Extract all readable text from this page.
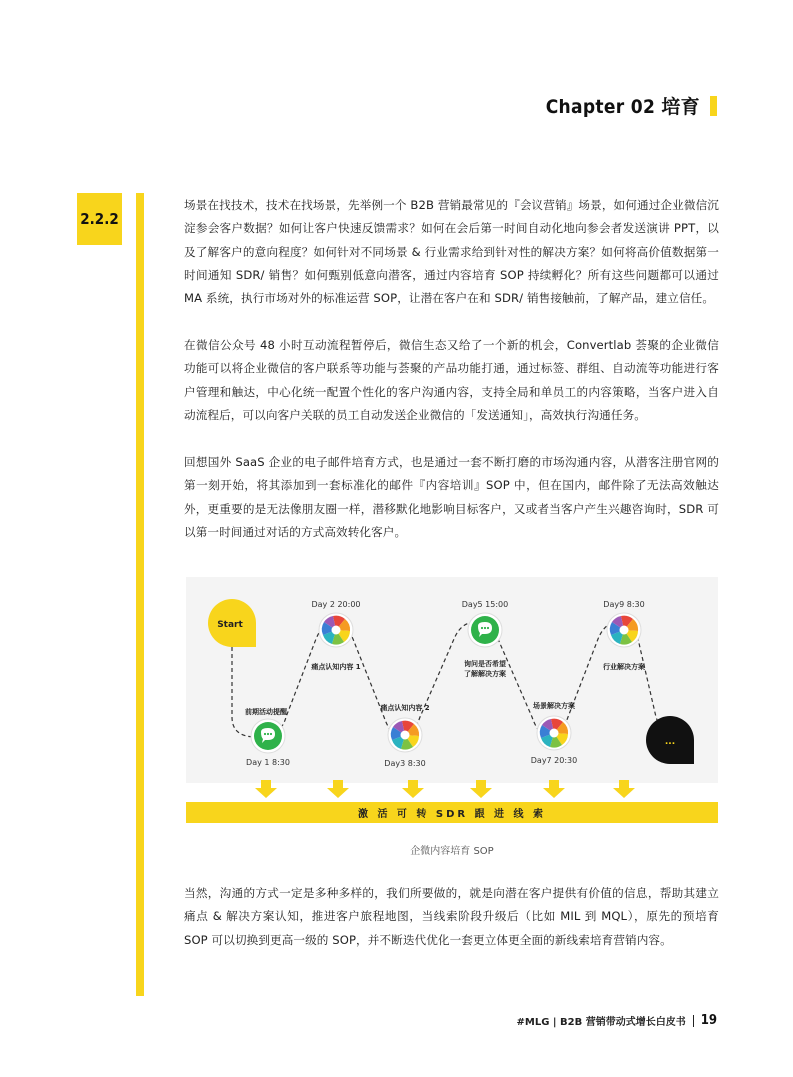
Chapter 02 培育
2.2.2

场景在找技术，技术在找场景，先举例一个 B2B 营销最常见的『会议营销』场景，如何通过企业微信沉淀参会客户数据？如何让客户快速反馈需求？如何在会后第一时间自动化地向参会者发送演讲 PPT，以及了解客户的意向程度？如何针对不同场景 & 行业需求给到针对性的解决方案？如何将高价值数据第一时间通知 SDR/ 销售？如何甄别低意向潜客，通过内容培育 SOP 持续孵化？所有这些问题都可以通过 MA 系统，执行市场对外的标准运营 SOP，让潜在客户在和 SDR/ 销售接触前，了解产品，建立信任。

在微信公众号 48 小时互动流程暂停后，微信生态又给了一个新的机会，Convertlab 荟聚的企业微信功能可以将企业微信的客户联系等功能与荟聚的产品功能打通，通过标签、群组、自动流等功能进行客户管理和触达，中心化统一配置个性化的客户沟通内容，支持全局和单员工的内容策略，当客户进入自动流程后，可以向客户关联的员工自动发送企业微信的「发送通知」，高效执行沟通任务。

回想国外 SaaS 企业的电子邮件培育方式，也是通过一套不断打磨的市场沟通内容，从潜客注册官网的第一刻开始，将其添加到一套标准化的邮件『内容培训』SOP 中，但在国内，邮件除了无法高效触达外，更重要的是无法像朋友圈一样，潜移默化地影响目标客户，又或者当客户产生兴趣咨询时，SDR 可以第一时间通过对话的方式高效转化客户。

Start
前期活动提醒
Day 1 8:30
Day 2 20:00
痛点认知内容 1
痛点认知内容 2
Day3 8:30
Day5 15:00
询问是否希望
了解解决方案
场景解决方案
Day7 20:30
Day9 8:30
行业解决方案
...
激 活 可 转 SDR 跟 进 线 索
企微内容培育 SOP

当然，沟通的方式一定是多种多样的，我们所要做的，就是向潜在客户提供有价值的信息，帮助其建立痛点 & 解决方案认知，推进客户旅程地图，当线索阶段升级后（比如 MIL 到 MQL），原先的预培育 SOP 可以切换到更高一级的 SOP，并不断迭代优化一套更立体更全面的新线索培育营销内容。

#MLG | B2B 营销带动式增长白皮书 19
